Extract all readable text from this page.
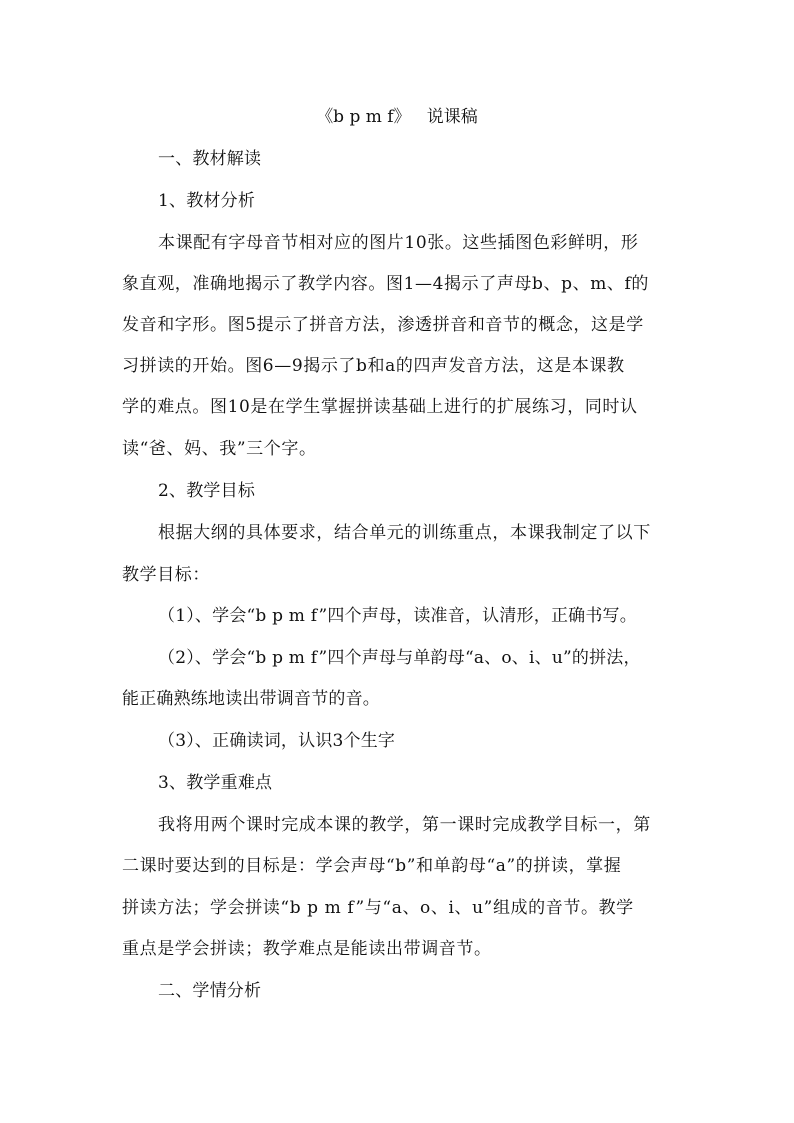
《b p m f》   说课稿
一、教材解读
1、教材分析
本课配有字母音节相对应的图片10张。这些插图色彩鲜明，形
象直观，准确地揭示了教学内容。图1—4揭示了声母b、p、m、f的
发音和字形。图5提示了拼音方法，渗透拼音和音节的概念，这是学
习拼读的开始。图6—9揭示了b和a的四声发音方法，这是本课教
学的难点。图10是在学生掌握拼读基础上进行的扩展练习，同时认
读“爸、妈、我”三个字。
2、教学目标
根据大纲的具体要求，结合单元的训练重点，本课我制定了以下
教学目标：
（1）、学会“b p m f”四个声母，读准音，认清形，正确书写。
（2）、学会“b p m f”四个声母与单韵母“a、o、i、u”的拼法，
能正确熟练地读出带调音节的音。
（3）、正确读词，认识3个生字
3、教学重难点
我将用两个课时完成本课的教学，第一课时完成教学目标一，第
二课时要达到的目标是：学会声母“b”和单韵母“a”的拼读，掌握
拼读方法；学会拼读“b p m f”与“a、o、i、u”组成的音节。教学
重点是学会拼读；教学难点是能读出带调音节。
二、学情分析
